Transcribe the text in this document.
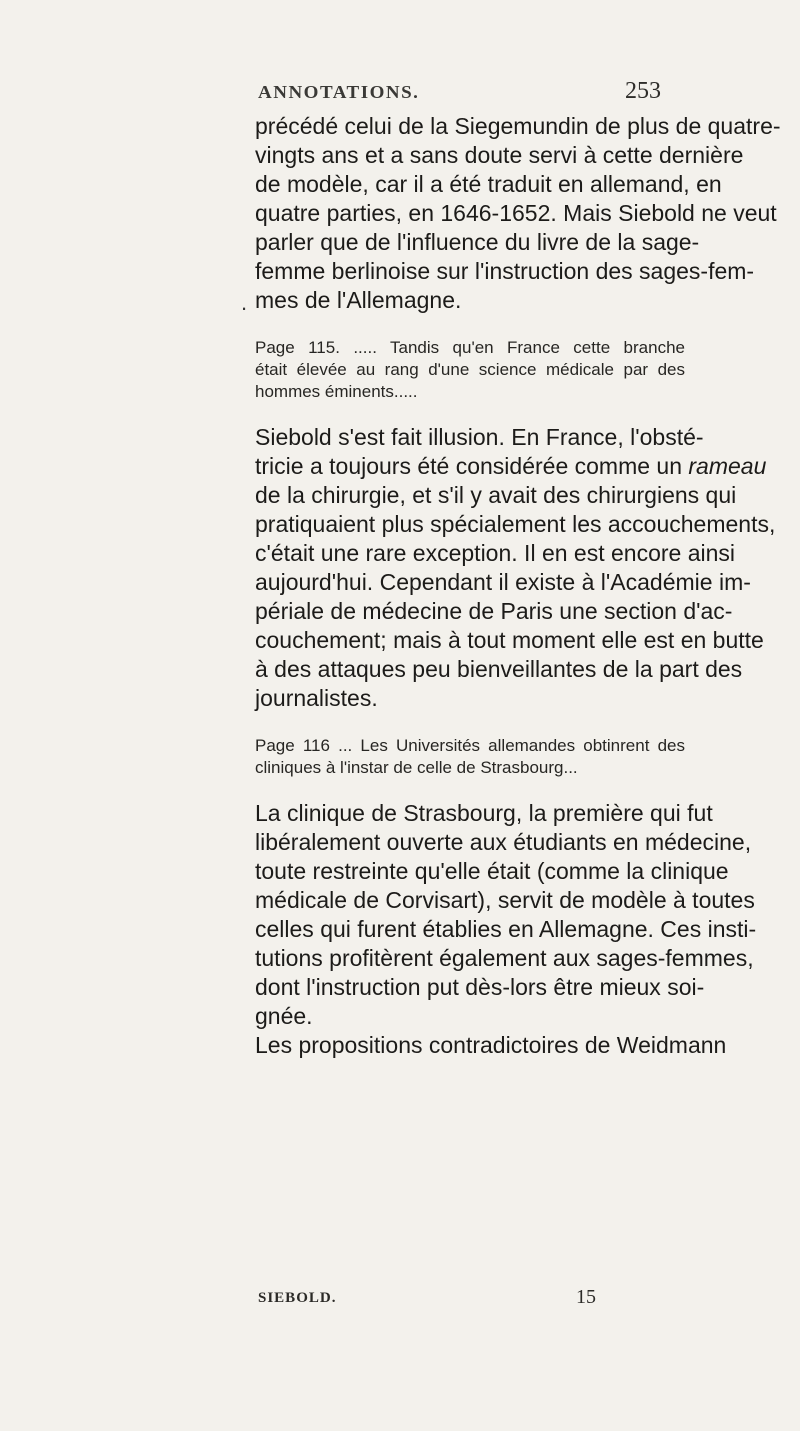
ANNOTATIONS.	253
.

précédé celui de la Siegemundin de plus de quatre-
vingts ans et a sans doute servi à cette dernière
de modèle, car il a été traduit en allemand, en
quatre parties, en 1646-1652. Mais Siebold ne veut
parler que de l'influence du livre de la sage-
femme berlinoise sur l'instruction des sages-fem-
mes de l'Allemagne.

Page 115. ..... Tandis qu'en France cette branche
était élevée au rang d'une science médicale par des
hommes éminents.....

Siebold s'est fait illusion. En France, l'obsté-
tricie a toujours été considérée comme un rameau
de la chirurgie, et s'il y avait des chirurgiens qui
pratiquaient plus spécialement les accouchements,
c'était une rare exception. Il en est encore ainsi
aujourd'hui. Cependant il existe à l'Académie im-
périale de médecine de Paris une section d'ac-
couchement; mais à tout moment elle est en butte
à des attaques peu bienveillantes de la part des
journalistes.

Page 116 ... Les Universités allemandes obtinrent des
cliniques à l'instar de celle de Strasbourg...

La clinique de Strasbourg, la première qui fut
libéralement ouverte aux étudiants en médecine,
toute restreinte qu'elle était (comme la clinique
médicale de Corvisart), servit de modèle à toutes
celles qui furent établies en Allemagne. Ces insti-
tutions profitèrent également aux sages-femmes,
dont l'instruction put dès-lors être mieux soi-
gnée.
Les propositions contradictoires de Weidmann

SIEBOLD.	15
